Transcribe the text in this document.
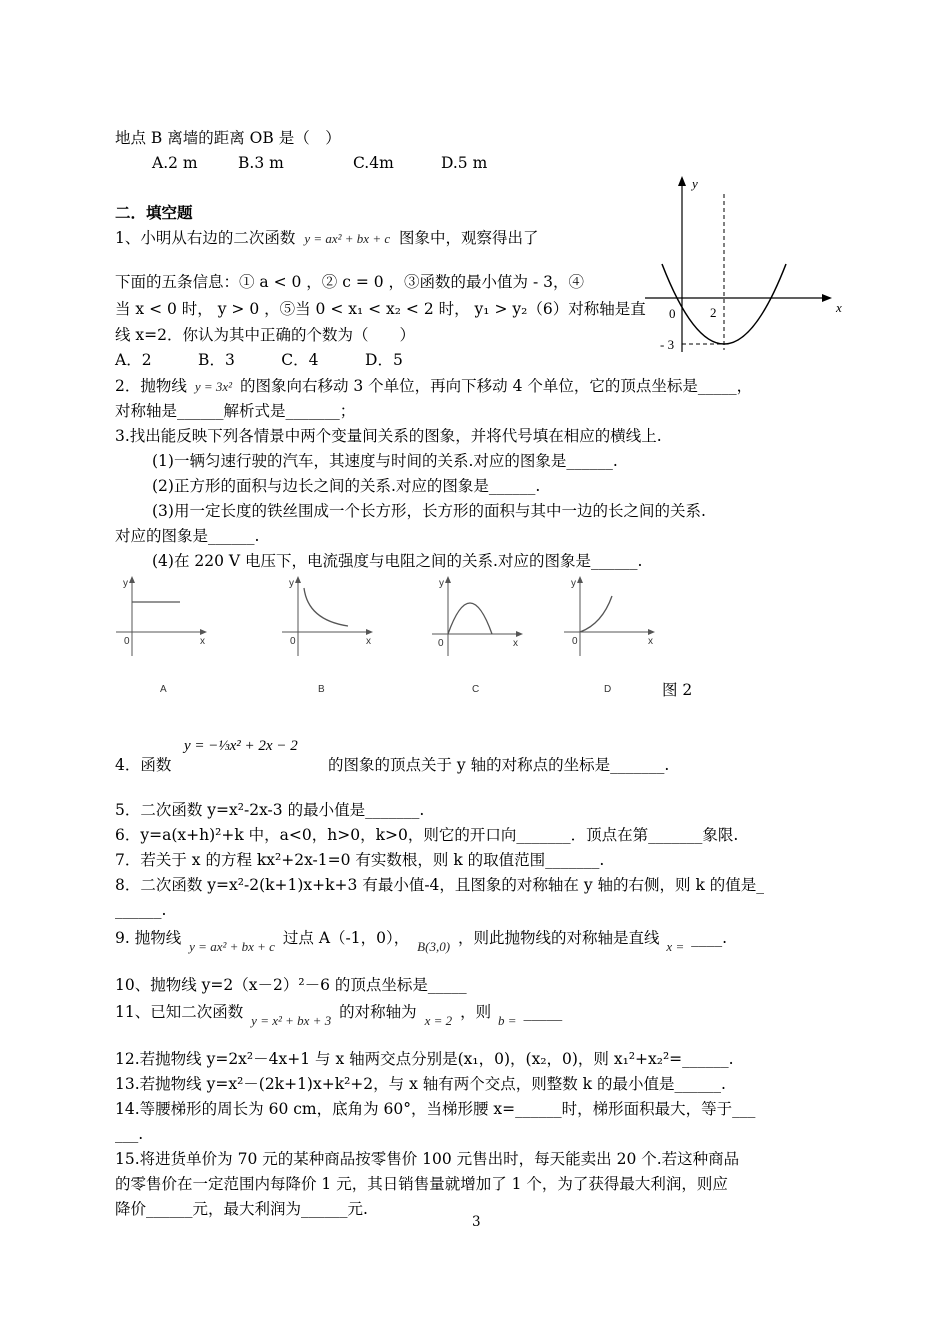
地点 B 离墙的距离 OB 是（　）
A.2 m	B.3 m	C.4m	D.5 m
二．填空题
1、小明从右边的二次函数 y = ax² + bx + c 图象中，观察得出了
下面的五条信息：① a < 0 ，② c = 0 ，③函数的最小值为 - 3，④
当 x < 0 时， y > 0 ，⑤当 0 < x₁ < x₂ < 2 时， y₁ > y₂（6）对称轴是直
线 x=2．你认为其中正确的个数为（　　）
A．2　　　B．3　　　C．4　　　D．5
y
x
0	2
- 3
2．抛物线 y = 3x² 的图象向右移动 3 个单位，再向下移动 4 个单位，它的顶点坐标是_____，
对称轴是______解析式是_______；
3.找出能反映下列各情景中两个变量间关系的图象，并将代号填在相应的横线上.
(1)一辆匀速行驶的汽车，其速度与时间的关系.对应的图象是______.
(2)正方形的面积与边长之间的关系.对应的图象是______.
(3)用一定长度的铁丝围成一个长方形，长方形的面积与其中一边的长之间的关系.
对应的图象是______.
(4)在 220 V 电压下，电流强度与电阻之间的关系.对应的图象是______.
y
x
0
A
y
x
0
B
y
x
0
C
y
x
0
D	图 2
4．函数
y = −⅓x² + 2x − 2
的图象的顶点关于 y 轴的对称点的坐标是_______.
5．二次函数 y=x²-2x-3 的最小值是_______.
6．y=a(x+h)²+k 中，a<0，h>0，k>0，则它的开口向_______．顶点在第_______象限.
7．若关于 x 的方程 kx²+2x-1=0 有实数根，则 k 的取值范围_______.
8．二次函数 y=x²-2(k+1)x+k+3 有最小值-4，且图象的对称轴在 y 轴的右侧，则 k 的值是_
______.
9. 抛物线 $_{y = ax^2 + bx + c}$ 过点 A（-1，0）， $_{B(3,0)}$ ，则此抛物线的对称轴是直线 $_{x =}$ ____.
10、抛物线 y=2（x－2）²－6 的顶点坐标是_____
11、已知二次函数 $_{y = x^2 + bx + 3}$ 的对称轴为 $_{x = 2}$ ，则 $_{b =}$ _____
12.若抛物线 y=2x²－4x+1 与 x 轴两交点分别是(x₁，0)，(x₂，0)，则 x₁²+x₂²=______.
13.若抛物线 y=x²－(2k+1)x+k²+2，与 x 轴有两个交点，则整数 k 的最小值是______.
14.等腰梯形的周长为 60 cm，底角为 60°，当梯形腰 x=______时，梯形面积最大，等于___
___.
15.将进货单价为 70 元的某种商品按零售价 100 元售出时，每天能卖出 20 个.若这种商品
的零售价在一定范围内每降价 1 元，其日销售量就增加了 1 个，为了获得最大利润，则应
降价______元，最大利润为______元.
3
